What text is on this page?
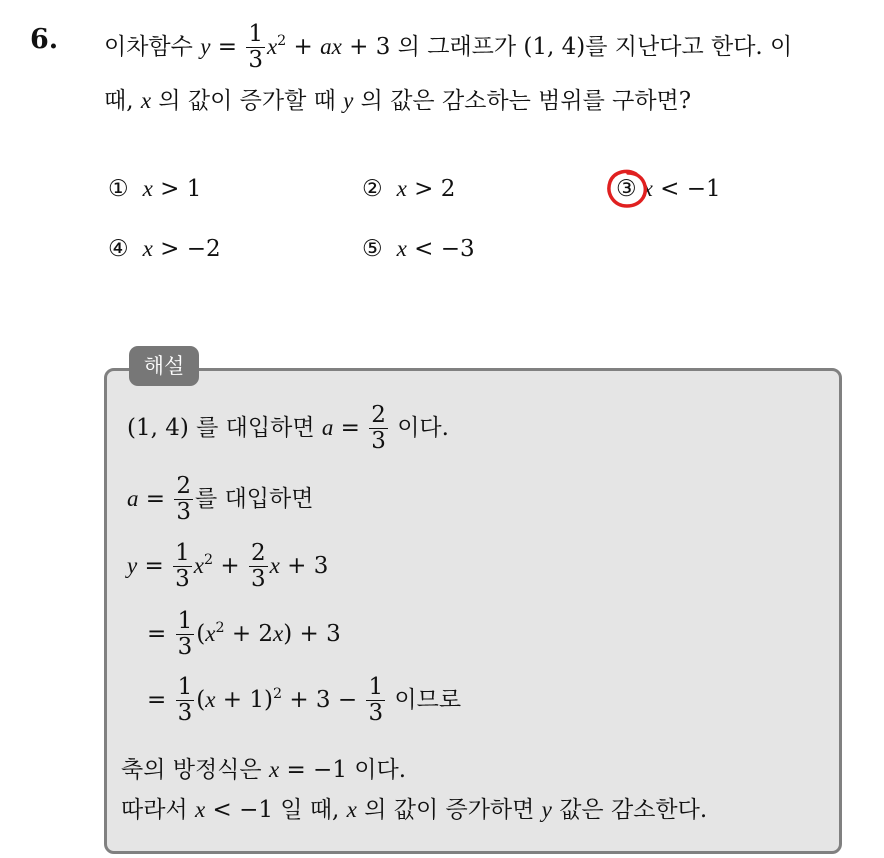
6. 이차함수 $y = \frac{1}{3} x^2$ + ax + 3 의 그래프가 (1, 4)를 지난다고 한다. 이
때, x 의 값이 증가할 때 y 의 값은 감소하는 범위를 구하면?
① x > 1	② x > 2	③ x < −1
④ x > −2	⑤ x < −3
해설
(1, 4) 를 대입하면 $a = \frac{2}{3}$ 이다.
$a = \frac{2}{3}$ 를 대입하면
$y = \frac{1}{3} x^2 + \frac{2}{3}$ x + 3
= $\frac{1}{3} (x^2 + 2x) + 3$
= $\frac{1}{3} (x + 1)^2 + 3 - \frac{1}{3}$ 이므로
축의 방정식은 x = −1 이다.
따라서 x < −1 일 때, x 의 값이 증가하면 y 값은 감소한다.
